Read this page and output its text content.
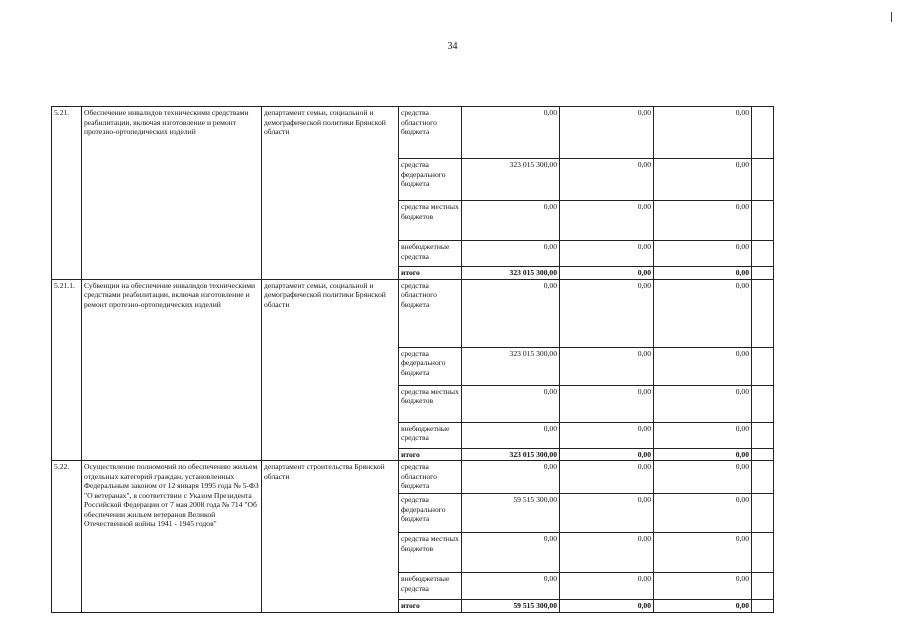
34
5.21.	Обеспечение инвалидов техническими средствами реабилитации, включая изготовление и ремонт протезно-ортопедических изделий	департамент семьи, социальной и демографической политики Брянской области	средства областного бюджета	0,00	0,00	0,00	
			средства федерального бюджета	323 015 300,00	0,00	0,00	
			средства местных бюджетов	0,00	0,00	0,00	
			внебюджетные средства	0,00	0,00	0,00	
			итого	323 015 300,00	0,00	0,00	
5.21.1.	Субвенции на обеспечение инвалидов техническими средствами реабилитации, включая изготовление и ремонт протезно-ортопедических изделий	департамент семьи, социальной и демографической политики Брянской области	средства областного бюджета	0,00	0,00	0,00	
			средства федерального бюджета	323 015 300,00	0,00	0,00	
			средства местных бюджетов	0,00	0,00	0,00	
			внебюджетные средства	0,00	0,00	0,00	
			итого	323 015 300,00	0,00	0,00	
5.22.	Осуществление полномочий по обеспечению жильем отдельных категорий граждан, установленных Федеральным законом от 12 января 1995 года № 5-ФЗ "О ветеранах", в соответствии с Указом Президента Российской Федерации от 7 мая 2008 года № 714 "Об обеспечении жильем ветеранов Великой Отечественной войны 1941 - 1945 годов"	департамент строительства Брянской области	средства областного бюджета	0,00	0,00	0,00	
			средства федерального бюджета	59 515 300,00	0,00	0,00	
			средства местных бюджетов	0,00	0,00	0,00	
			внебюджетные средства	0,00	0,00	0,00	
			итого	59 515 300,00	0,00	0,00	
